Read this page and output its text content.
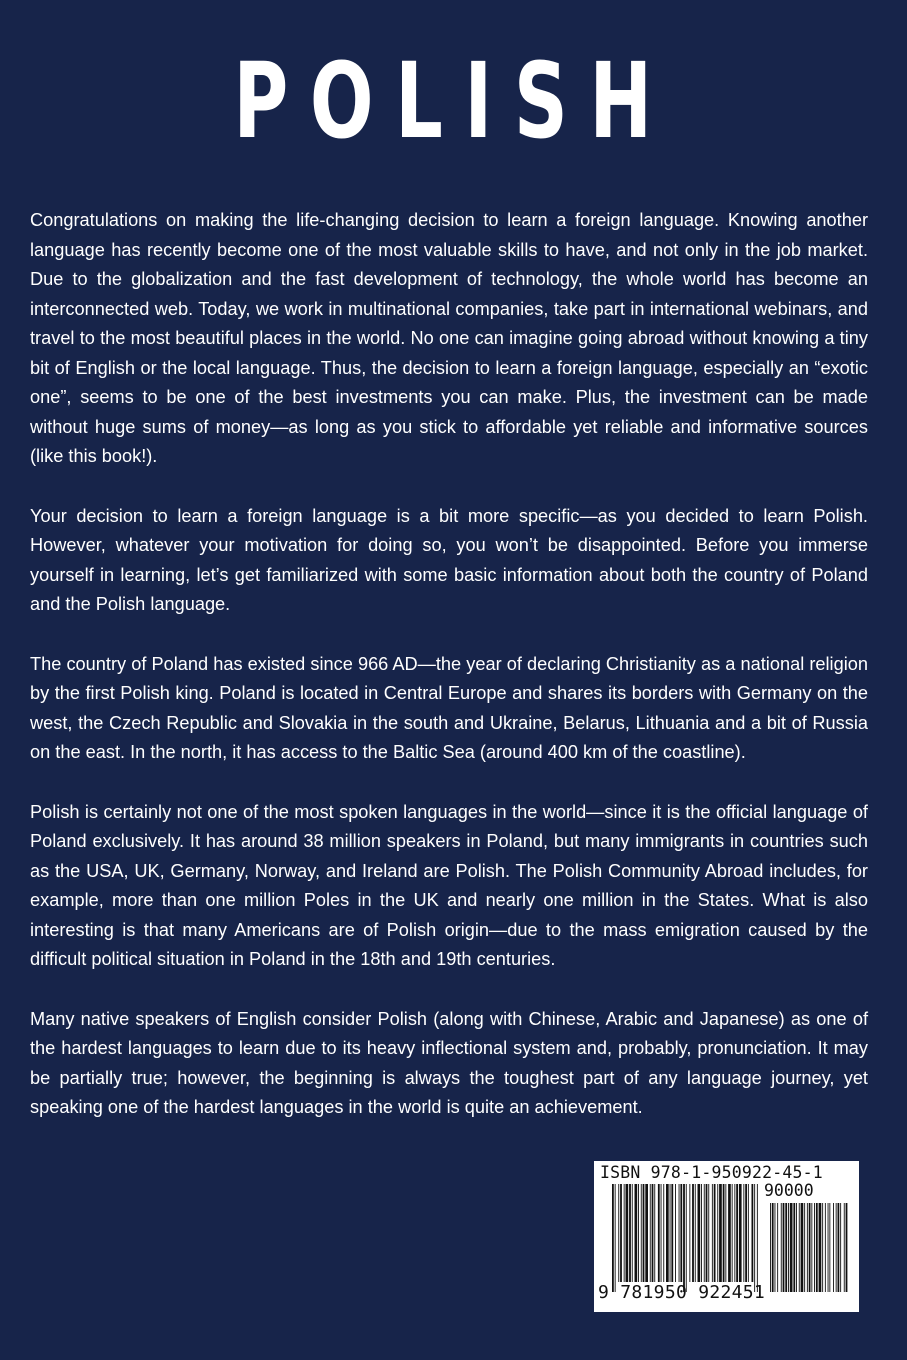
POLISH

Congratulations on making the life-changing decision to learn a foreign language. Knowing another language has recently become one of the most valuable skills to have, and not only in the job market. Due to the globalization and the fast development of technology, the whole world has become an interconnected web. Today, we work in multinational companies, take part in international webinars, and travel to the most beautiful places in the world. No one can imagine going abroad without knowing a tiny bit of English or the local language. Thus, the decision to learn a foreign language, especially an “exotic one”, seems to be one of the best investments you can make. Plus, the investment can be made without huge sums of money—as long as you stick to affordable yet reliable and informative sources (like this book!).

Your decision to learn a foreign language is a bit more specific—as you decided to learn Polish. However, whatever your motivation for doing so, you won’t be disappointed. Before you immerse yourself in learning, let’s get familiarized with some basic information about both the country of Poland and the Polish language.

The country of Poland has existed since 966 AD—the year of declaring Christianity as a national religion by the first Polish king. Poland is located in Central Europe and shares its borders with Germany on the west, the Czech Republic and Slovakia in the south and Ukraine, Belarus, Lithuania and a bit of Russia on the east. In the north, it has access to the Baltic Sea (around 400 km of the coastline).

Polish is certainly not one of the most spoken languages in the world—since it is the official language of Poland exclusively. It has around 38 million speakers in Poland, but many immigrants in countries such as the USA, UK, Germany, Norway, and Ireland are Polish. The Polish Community Abroad includes, for example, more than one million Poles in the UK and nearly one million in the States. What is also interesting is that many Americans are of Polish origin—due to the mass emigration caused by the difficult political situation in Poland in the 18th and 19th centuries.

Many native speakers of English consider Polish (along with Chinese, Arabic and Japanese) as one of the hardest languages to learn due to its heavy inflectional system and, probably, pronunciation. It may be partially true; however, the beginning is always the toughest part of any language journey, yet speaking one of the hardest languages in the world is quite an achievement.

ISBN 978-1-950922-45-1
90000
9 781950 922451
